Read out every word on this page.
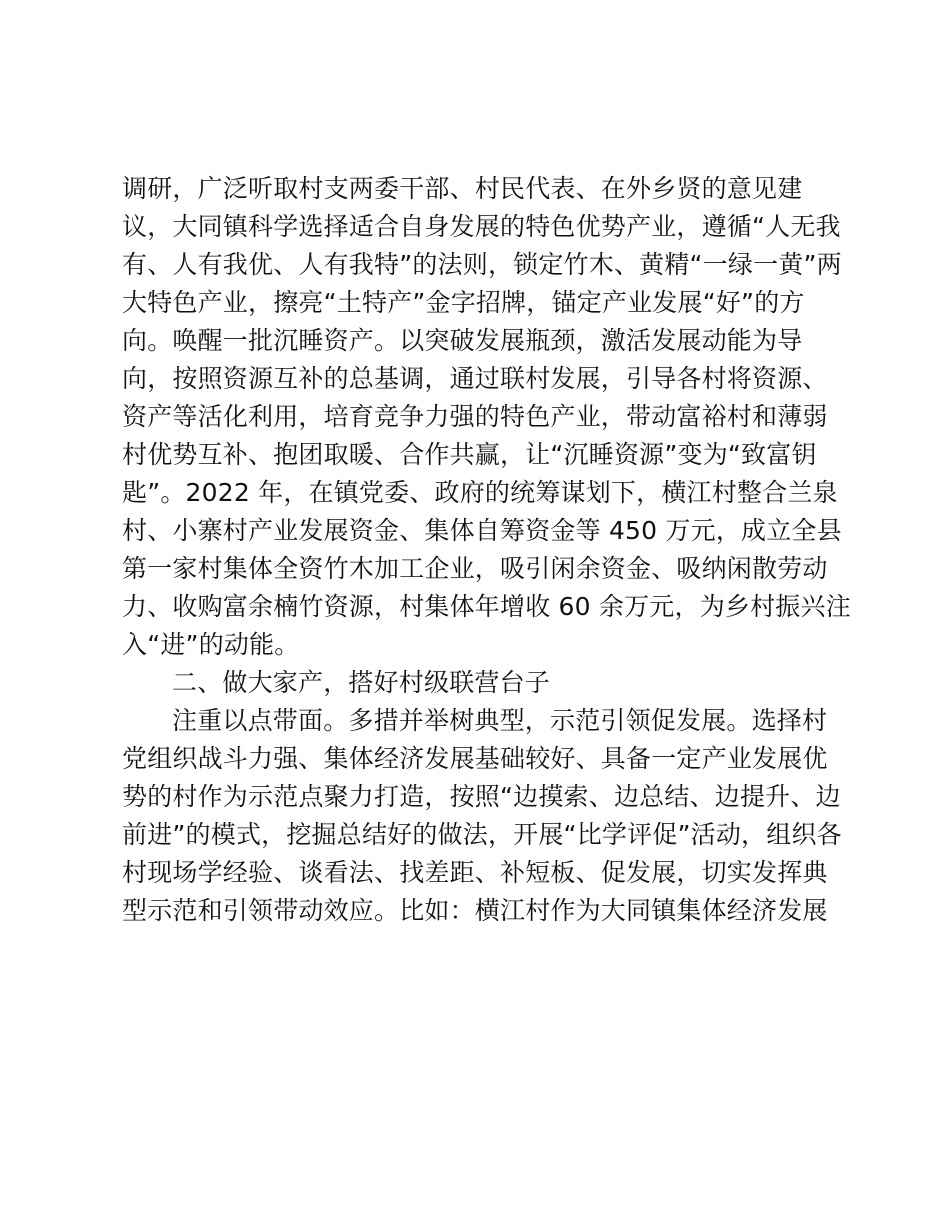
调研，广泛听取村支两委干部、村民代表、在外乡贤的意见建
议，大同镇科学选择适合自身发展的特色优势产业，遵循“人无我
有、人有我优、人有我特”的法则，锁定竹木、黄精“一绿一黄”两
大特色产业，擦亮“土特产”金字招牌，锚定产业发展“好”的方
向。唤醒一批沉睡资产。以突破发展瓶颈，激活发展动能为导
向，按照资源互补的总基调，通过联村发展，引导各村将资源、
资产等活化利用，培育竞争力强的特色产业，带动富裕村和薄弱
村优势互补、抱团取暖、合作共赢，让“沉睡资源”变为“致富钥
匙”。2022 年，在镇党委、政府的统筹谋划下，横江村整合兰泉
村、小寨村产业发展资金、集体自筹资金等 450 万元，成立全县
第一家村集体全资竹木加工企业，吸引闲余资金、吸纳闲散劳动
力、收购富余楠竹资源，村集体年增收 60 余万元，为乡村振兴注
入“进”的动能。
二、做大家产，搭好村级联营台子
注重以点带面。多措并举树典型，示范引领促发展。选择村
党组织战斗力强、集体经济发展基础较好、具备一定产业发展优
势的村作为示范点聚力打造，按照“边摸索、边总结、边提升、边
前进”的模式，挖掘总结好的做法，开展“比学评促”活动，组织各
村现场学经验、谈看法、找差距、补短板、促发展，切实发挥典
型示范和引领带动效应。比如：横江村作为大同镇集体经济发展
